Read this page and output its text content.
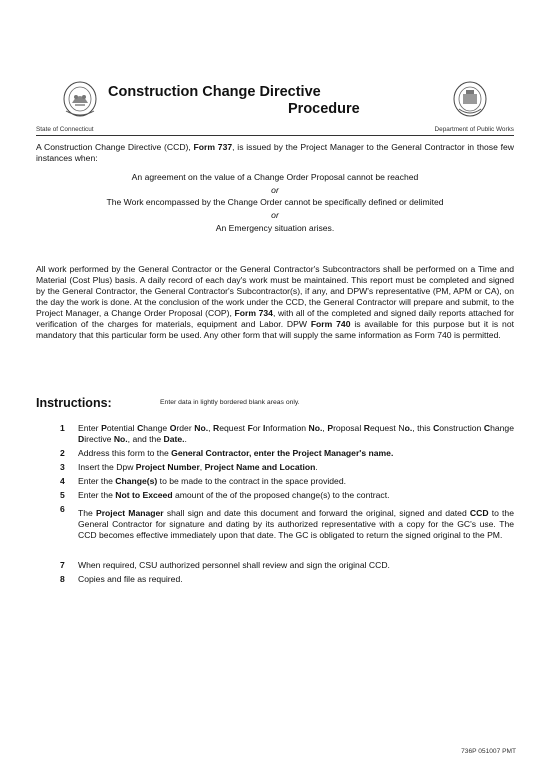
Construction Change Directive
Procedure
State of Connecticut	Department of Public Works
A Construction Change Directive (CCD), Form 737, is issued by the Project Manager to the General Contractor in those few instances when:
An agreement on the value of a Change Order Proposal cannot be reached
or
The Work encompassed by the Change Order cannot be specifically defined or delimited
or
An Emergency situation arises.
All work performed by the General Contractor or the General Contractor's Subcontractors shall be performed on a Time and Material (Cost Plus) basis. A daily record of each day's work must be maintained. This report must be completed and signed by the General Contractor, the General Contractor's Subcontractor(s), if any, and DPW's representative (PM, APM or CA), on the day the work is done. At the conclusion of the work under the CCD, the General Contractor will prepare and submit, to the Project Manager, a Change Order Proposal (COP), Form 734, with all of the completed and signed daily reports attached for verification of the charges for materials, equipment and Labor. DPW Form 740 is available for this purpose but it is not mandatory that this particular form be used. Any other form that will supply the same information as Form 740 is permitted.
Instructions:	Enter data in lightly bordered blank areas only.
1 Enter Potential Change Order No., Request For Information No., Proposal Request No., this Construction Change Directive No., and the Date..
2 Address this form to the General Contractor, enter the Project Manager's name.
3 Insert the Dpw Project Number, Project Name and Location.
4 Enter the Change(s) to be made to the contract in the space provided.
5 Enter the Not to Exceed amount of the of the proposed change(s) to the contract.
6 The Project Manager shall sign and date this document and forward the original, signed and dated CCD to the General Contractor for signature and dating by its authorized representative with a copy for the GC's use. The CCD becomes effective immediately upon that date. The GC is obligated to return the signed original to the PM.
7 When required, CSU authorized personnel shall review and sign the original CCD.
8 Copies and file as required.
736P 051007 PMT
